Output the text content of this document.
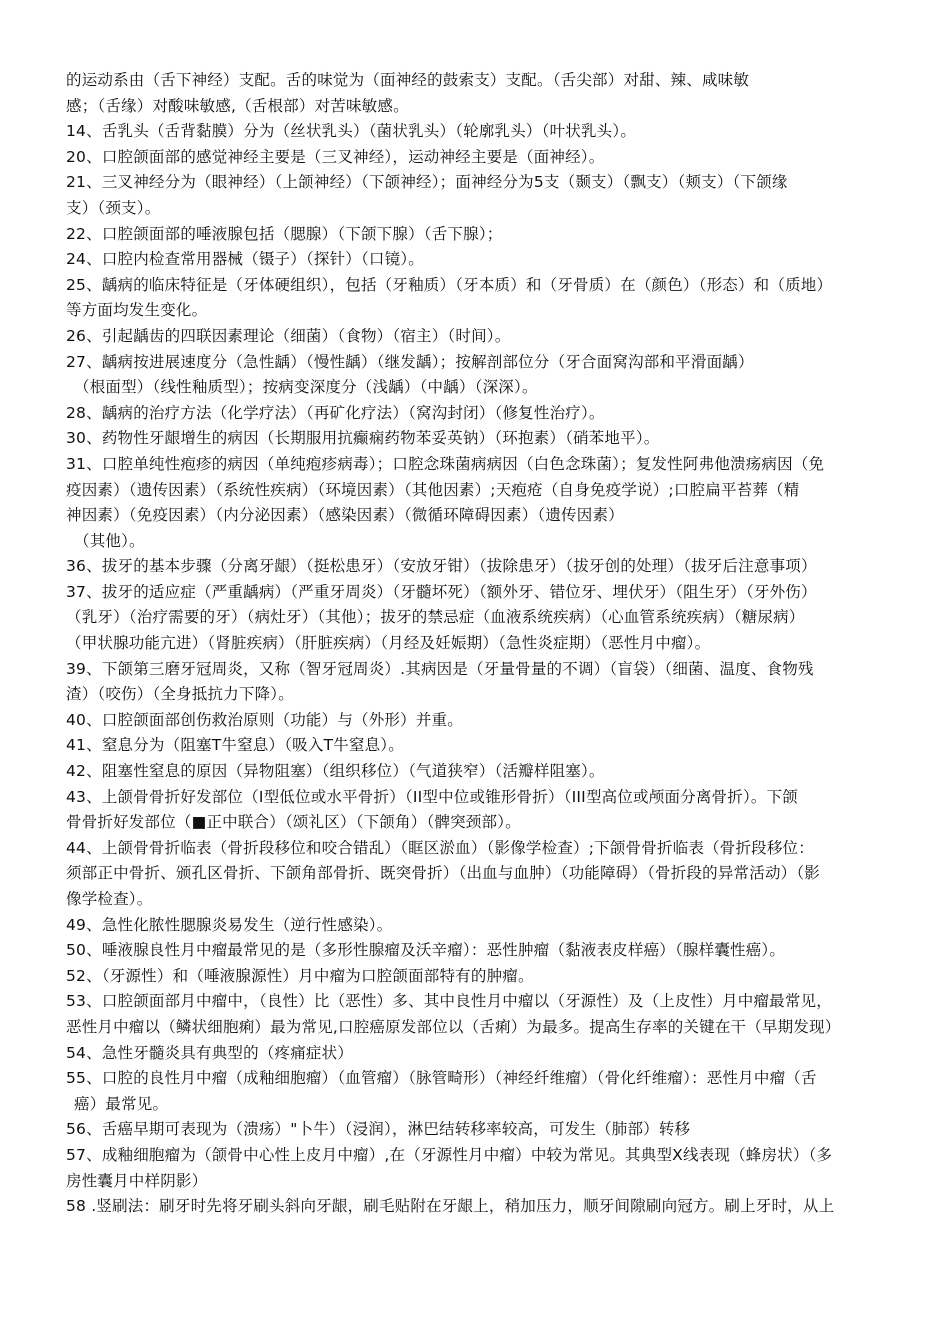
的运动系由（舌下神经）支配。舌的味觉为（面神经的鼓索支）支配。（舌尖部）对甜、辣、咸味敏
感；（舌缘）对酸味敏感,（舌根部）对苦味敏感。
14、舌乳头（舌背黏膜）分为（丝状乳头）（菌状乳头）（轮廓乳头）（叶状乳头）。
20、口腔颌面部的感觉神经主要是（三叉神经），运动神经主要是（面神经）。
21、三叉神经分为（眼神经）（上颌神经）（下颌神经）；面神经分为5支（颞支）（飘支）（颊支）（下颌缘
支）（颈支）。
22、口腔颌面部的唾液腺包括（腮腺）（下颌下腺）（舌下腺）；
24、口腔内检查常用器械（镊子）（探针）（口镜）。
25、龋病的临床特征是（牙体硬组织），包括（牙釉质）（牙本质）和（牙骨质）在（颜色）（形态）和（质地）
等方面均发生变化。
26、引起龋齿的四联因素理论（细菌）（食物）（宿主）（时间）。
27、龋病按进展速度分（急性龋）（慢性龋）（继发龋）；按解剖部位分（牙合面窝沟部和平滑面龋）
（根面型）（线性釉质型）；按病变深度分（浅龋）（中龋）（深深）。
28、龋病的治疗方法（化学疗法）（再矿化疗法）（窝沟封闭）（修复性治疗）。
30、药物性牙龈增生的病因（长期服用抗癫痫药物苯妥英钠）（环抱素）（硝苯地平）。
31、口腔单纯性疱疹的病因（单纯疱疹病毒）；口腔念珠菌病病因（白色念珠菌）；复发性阿弗他溃疡病因（免
疫因素）（遗传因素）（系统性疾病）（环境因素）（其他因素）;天疱疮（自身免疫学说）;口腔扁平苔葬（精
神因素）（免疫因素）（内分泌因素）（感染因素）（微循环障碍因素）（遗传因素）
（其他）。
36、拔牙的基本步骤（分离牙龈）（挺松患牙）（安放牙钳）（拔除患牙）（拔牙创的处理）（拔牙后注意事项）
37、拔牙的适应症（严重龋病）（严重牙周炎）（牙髓坏死）（额外牙、错位牙、埋伏牙）（阻生牙）（牙外伤）
（乳牙）（治疗需要的牙）（病灶牙）（其他）；拔牙的禁忌症（血液系统疾病）（心血管系统疾病）（糖尿病）
（甲状腺功能亢进）（肾脏疾病）（肝脏疾病）（月经及妊娠期）（急性炎症期）（恶性月中瘤）。
39、下颌第三磨牙冠周炎，又称（智牙冠周炎）.其病因是（牙量骨量的不调）（盲袋）（细菌、温度、食物残
渣）（咬伤）（全身抵抗力下降）。
40、口腔颌面部创伤救治原则（功能）与（外形）并重。
41、窒息分为（阻塞T牛窒息）（吸入T牛窒息）。
42、阻塞性窒息的原因（异物阻塞）（组织移位）（气道狭窄）（活瓣样阻塞）。
43、上颌骨骨折好发部位（I型低位或水平骨折）（II型中位或锥形骨折）（III型高位或颅面分离骨折）。下颌
骨骨折好发部位（■正中联合）（颂礼区）（下颌角）（髀突颈部）。
44、上颌骨骨折临表（骨折段移位和咬合错乱）（眶区淤血）（影像学检查）;下颌骨骨折临表（骨折段移位：
须部正中骨折、颁孔区骨折、下颌角部骨折、既突骨折）（出血与血肿）（功能障碍）（骨折段的异常活动）（影
像学检查）。
49、急性化脓性腮腺炎易发生（逆行性感染）。
50、唾液腺良性月中瘤最常见的是（多形性腺瘤及沃辛瘤）：恶性肿瘤（黏液表皮样癌）（腺样囊性癌）。
52、（牙源性）和（唾液腺源性）月中瘤为口腔颌面部特有的肿瘤。
53、口腔颌面部月中瘤中，（良性）比（恶性）多、其中良性月中瘤以（牙源性）及（上皮性）月中瘤最常见，
恶性月中瘤以（鳞状细胞痢）最为常见,口腔癌原发部位以（舌痢）为最多。提高生存率的关键在干（早期发现）
54、急性牙髓炎具有典型的（疼痛症状）
55、口腔的良性月中瘤（成釉细胞瘤）（血管瘤）（脉管畸形）（神经纤维瘤）（骨化纤维瘤）：恶性月中瘤（舌
癌）最常见。
56、舌癌早期可表现为（溃疡）"卜牛）（浸润），淋巴结转移率较高，可发生（肺部）转移
57、成釉细胞瘤为（颌骨中心性上皮月中瘤）,在（牙源性月中瘤）中较为常见。其典型X线表现（蜂房状）（多
房性囊月中样阴影）
58 .竖刷法：刷牙时先将牙刷头斜向牙龈，刷毛贴附在牙龈上，稍加压力，顺牙间隙刷向冠方。刷上牙时，从上
